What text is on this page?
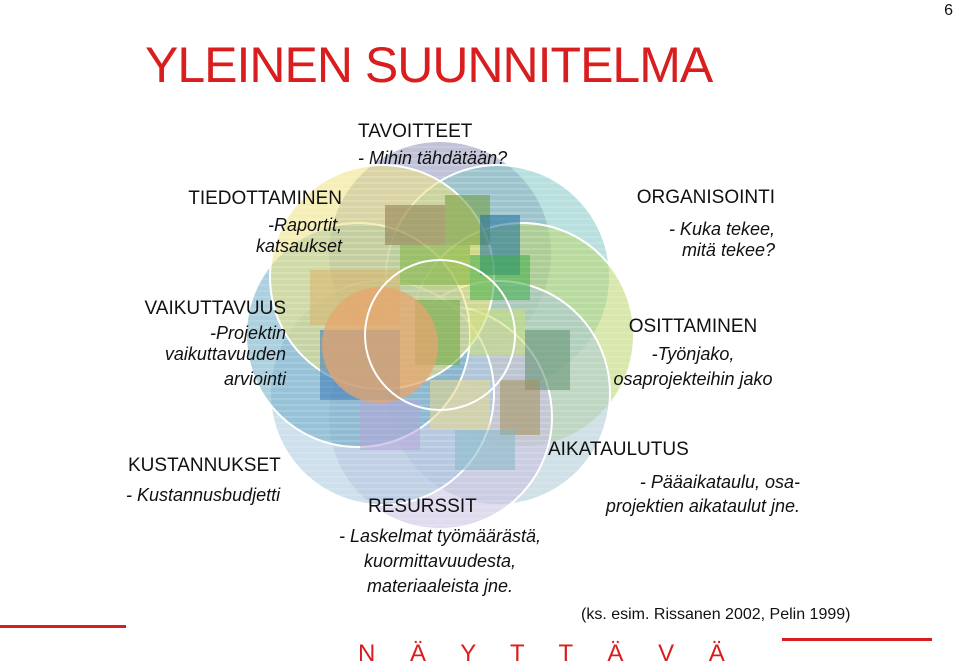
6
YLEINEN SUUNNITELMA
TAVOITTEET
- Mihin tähdätään?
ORGANISOINTI
- Kuka tekee,
mitä tekee?
TIEDOTTAMINEN
-Raportit,
katsaukset
VAIKUTTAVUUS
-Projektin
vaikuttavuuden
arviointi
OSITTAMINEN
-Työnjako,
osaprojekteihin jako
AIKATAULUTUS
- Pääaikataulu, osa-
projektien aikataulut jne.
KUSTANNUKSET
- Kustannusbudjetti
RESURSSIT
- Laskelmat työmäärästä,
kuormittavuudesta,
materiaaleista jne.
(ks. esim. Rissanen 2002, Pelin 1999)
N Ä Y T T Ä V Ä
